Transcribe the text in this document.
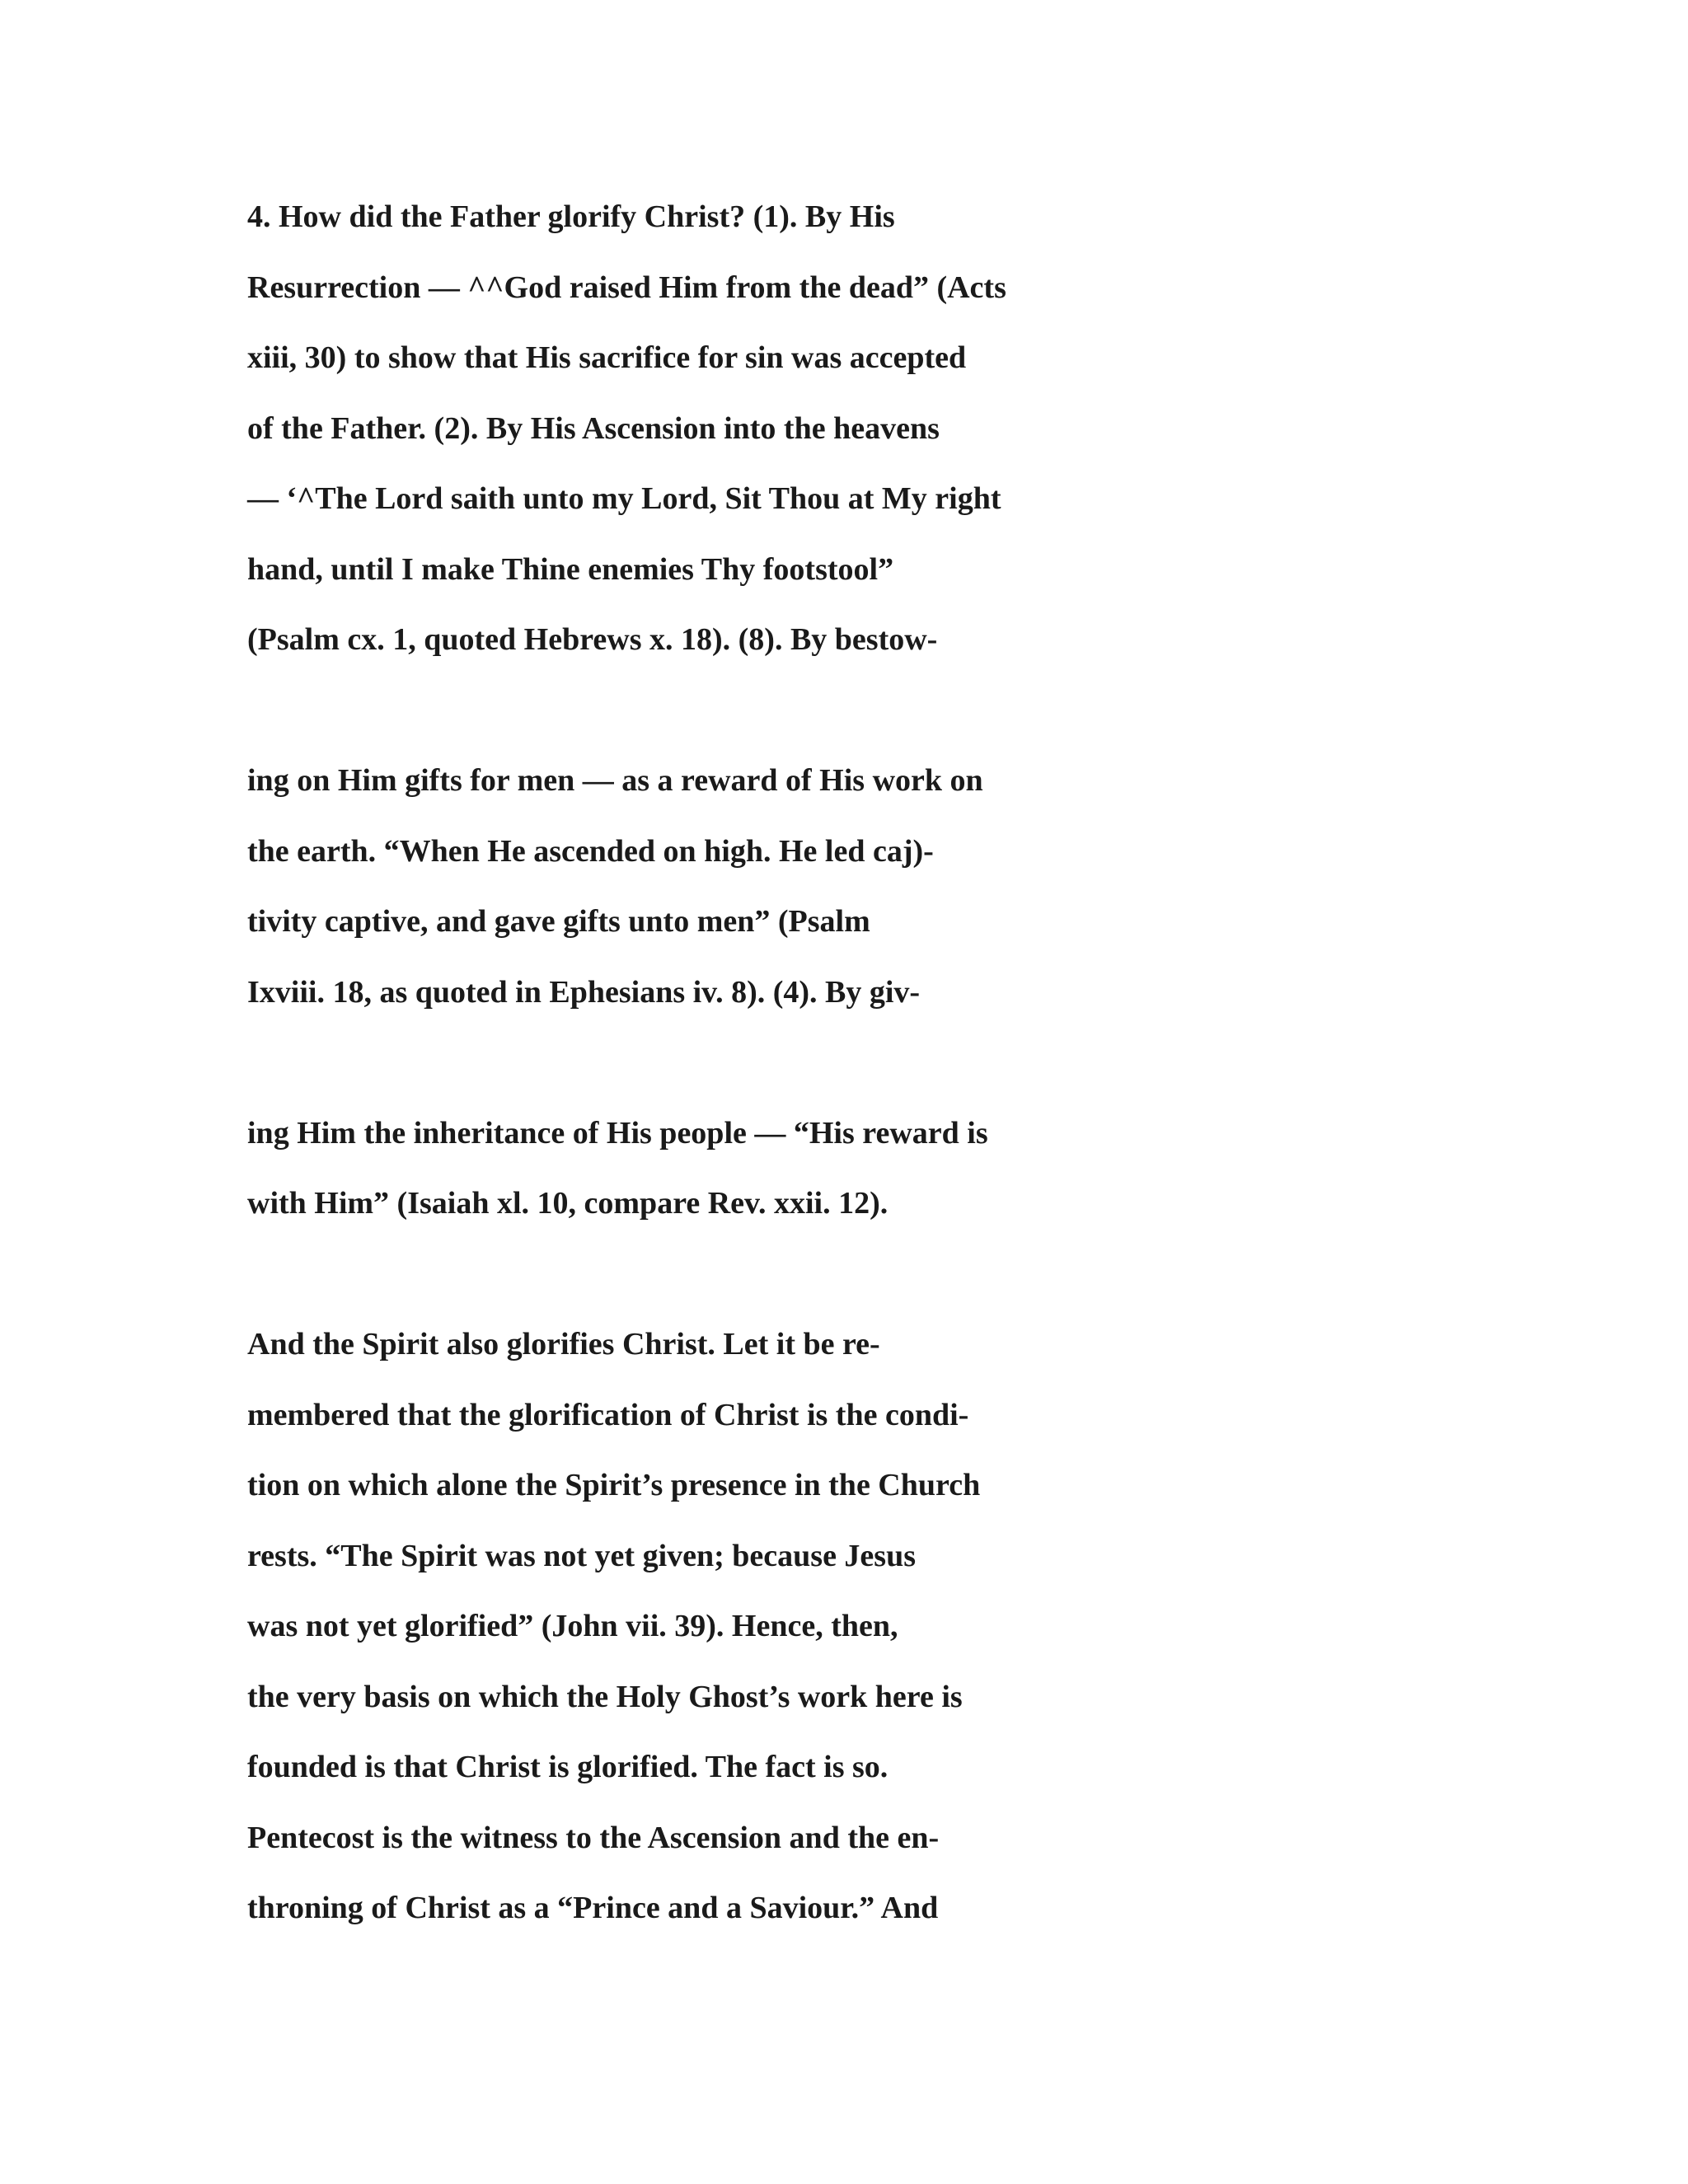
4. How did the Father glorify Christ? (1). By His
Resurrection — ^^God raised Him from the dead” (Acts
xiii, 30) to show that His sacrifice for sin was accepted
of the Father. (2). By His Ascension into the heavens
— ‘^The Lord saith unto my Lord, Sit Thou at My right
hand, until I make Thine enemies Thy footstool”
(Psalm cx. 1, quoted Hebrews x. 18). (8). By bestow-
ing on Him gifts for men — as a reward of His work on
the earth. “When He ascended on high. He led caj)-
tivity captive, and gave gifts unto men” (Psalm
Ixviii. 18, as quoted in Ephesians iv. 8). (4). By giv-
ing Him the inheritance of His people — “His reward is
with Him” (Isaiah xl. 10, compare Rev. xxii. 12).
And the Spirit also glorifies Christ. Let it be re-
membered that the glorification of Christ is the condi-
tion on which alone the Spirit’s presence in the Church
rests. “The Spirit was not yet given; because Jesus
was not yet glorified” (John vii. 39). Hence, then,
the very basis on which the Holy Ghost’s work here is
founded is that Christ is glorified. The fact is so.
Pentecost is the witness to the Ascension and the en-
throning of Christ as a “Prince and a Saviour.” And
